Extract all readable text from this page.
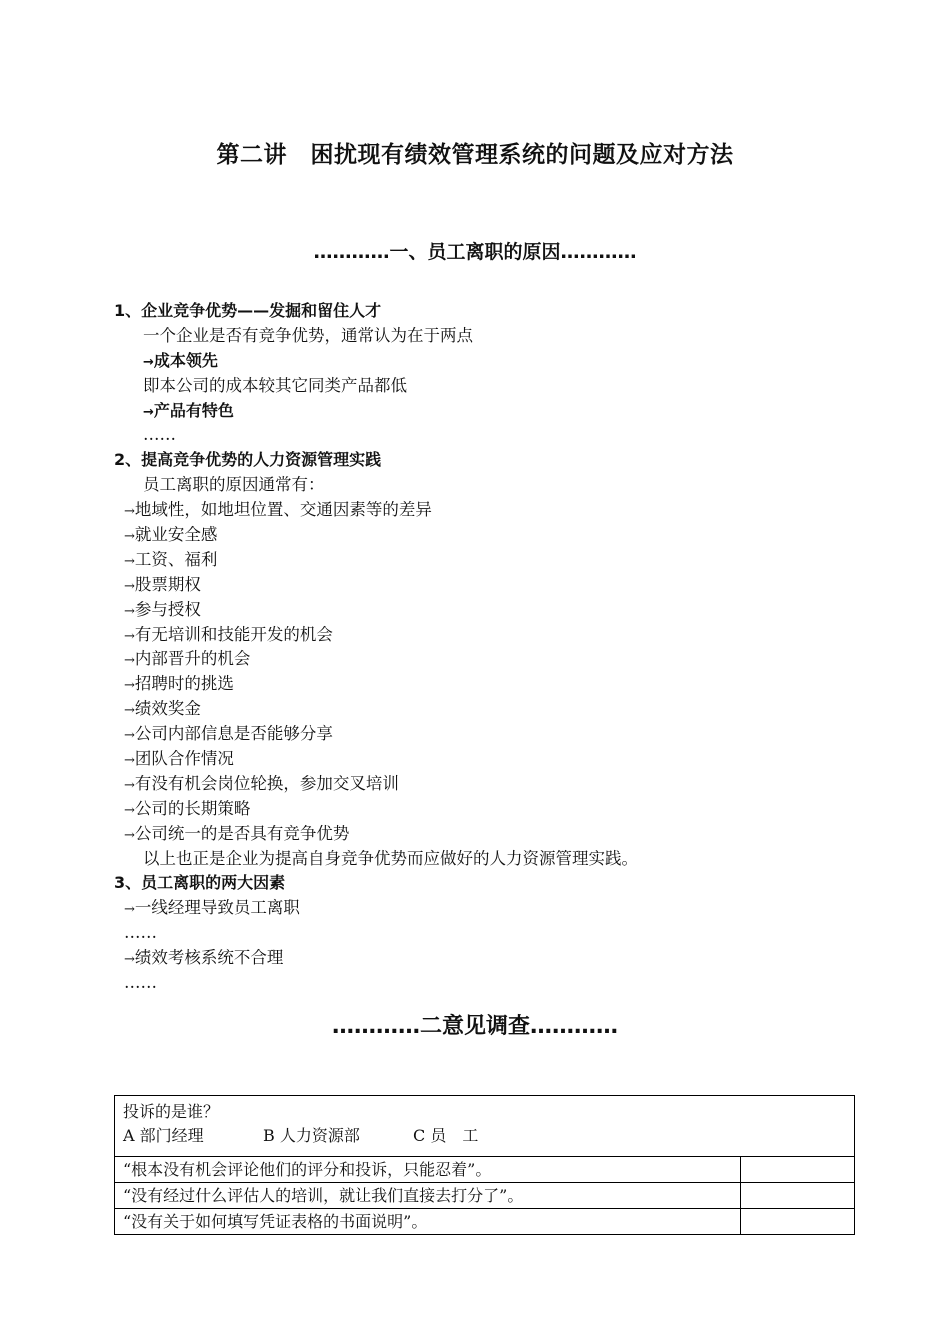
第二讲　困扰现有绩效管理系统的问题及应对方法
…………一、员工离职的原因…………
1、企业竞争优势——发掘和留住人才
一个企业是否有竞争优势，通常认为在于两点
→成本领先
即本公司的成本较其它同类产品都低
→产品有特色
……
2、提高竞争优势的人力资源管理实践
员工离职的原因通常有：
→地域性，如地坦位置、交通因素等的差异
→就业安全感
→工资、福利
→股票期权
→参与授权
→有无培训和技能开发的机会
→内部晋升的机会
→招聘时的挑选
→绩效奖金
→公司内部信息是否能够分享
→团队合作情况
→有没有机会岗位轮换，参加交叉培训
→公司的长期策略
→公司统一的是否具有竞争优势
以上也正是企业为提高自身竞争优势而应做好的人力资源管理实践。
3、员工离职的两大因素
→一线经理导致员工离职
……
→绩效考核系统不合理
……
…………二意见调查…………
投诉的是谁？
A 部门经理 B 人力资源部 C 员　工	

“根本没有机会评论他们的评分和投诉，只能忍着”。	
“没有经过什么评估人的培训，就让我们直接去打分了”。	
“没有关于如何填写凭证表格的书面说明”。	
